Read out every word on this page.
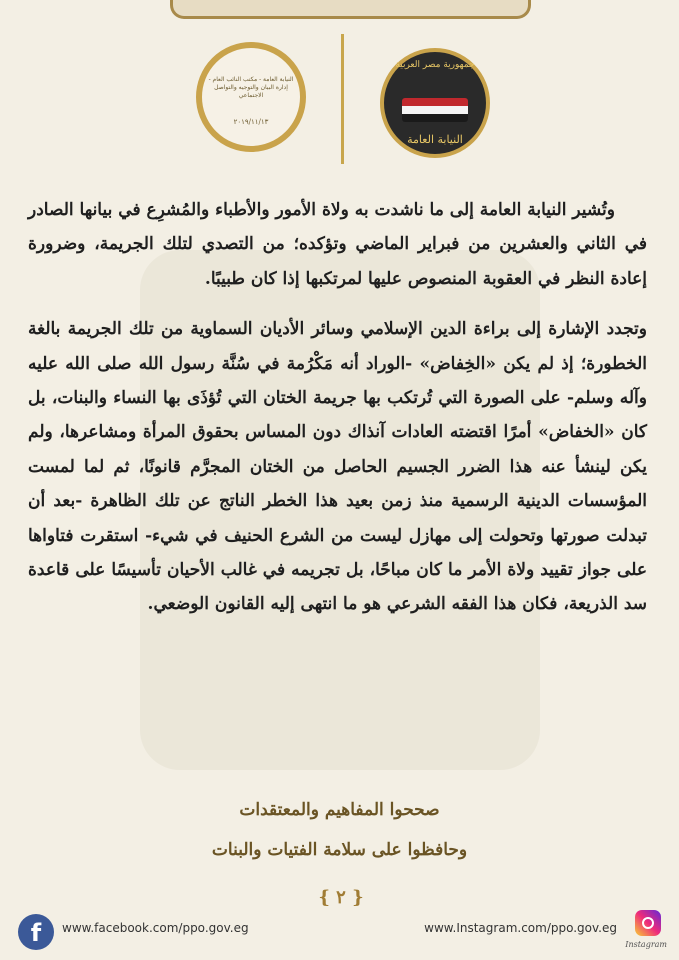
النيابة العامة - مكتب النائب العام - إدارة البيان والتوجيه والتواصل الاجتماعي
٢٠١٩/١١/١٣
جمهورية مصر العربية
النيابة العامة

وتُشير النيابة العامة إلى ما ناشدت به ولاة الأمور والأطباء والمُشرِع في بيانها الصادر في الثاني والعشرين من فبراير الماضي وتؤكده؛ من التصدي لتلك الجريمة، وضرورة إعادة النظر في العقوبة المنصوص عليها لمرتكبها إذا كان طبيبًا.

وتجدد الإشارة إلى براءة الدين الإسلامي وسائر الأديان السماوية من تلك الجريمة بالغة الخطورة؛ إذ لم يكن «الخِفاض» -الوراد أنه مَكْرُمة في سُنَّة رسول الله صلى الله عليه وآله وسلم- على الصورة التي تُرتكب بها جريمة الختان التي تُؤذَى بها النساء والبنات، بل كان «الخفاض» أمرًا اقتضته العادات آنذاك دون المساس بحقوق المرأة ومشاعرها، ولم يكن لينشأ عنه هذا الضرر الجسيم الحاصل من الختان المجرَّم قانونًا، ثم لما لمست المؤسسات الدينية الرسمية منذ زمن بعيد هذا الخطر الناتج عن تلك الظاهرة -بعد أن تبدلت صورتها وتحولت إلى مهازل ليست من الشرع الحنيف في شيء- استقرت فتاواها على جواز تقييد ولاة الأمر ما كان مباحًا، بل تجريمه في غالب الأحيان تأسيسًا على قاعدة سد الذريعة، فكان هذا الفقه الشرعي هو ما انتهى إليه القانون الوضعي.

صححوا المفاهيم والمعتقدات
وحافظوا على سلامة الفتيات والبنات
{ ٢ }
f	www.facebook.com/ppo.gov.eg	www.Instagram.com/ppo.gov.eg
Instagram
